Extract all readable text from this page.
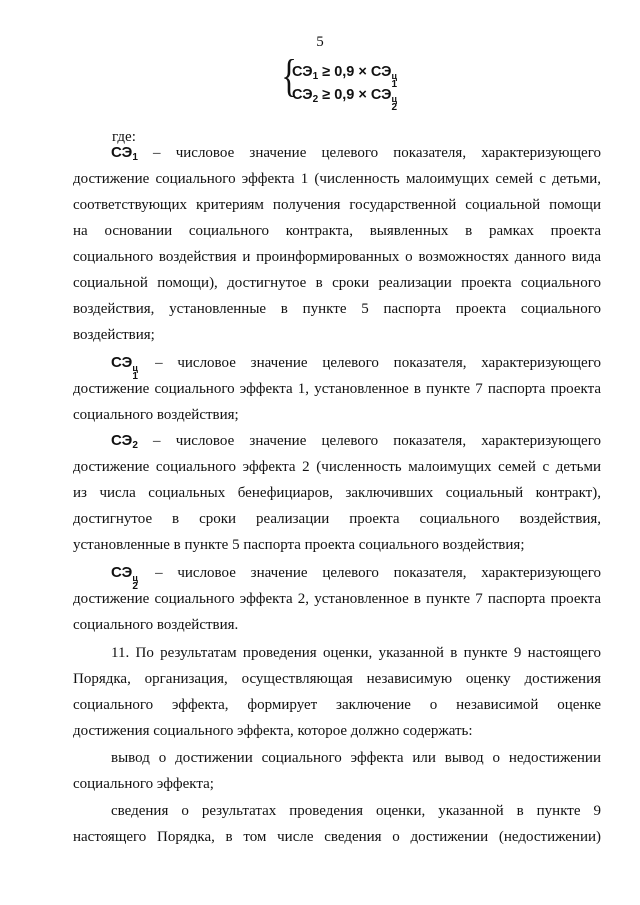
5
{
$СЭ_1 \ge 0,9$ × СЭ ц
1
$СЭ_2 \ge 0,9$ × СЭ ц
2
где:
$СЭ_1$ – числовое значение целевого показателя, характеризующего
достижение социального эффекта 1 (численность малоимущих семей с детьми,
соответствующих критериям получения государственной социальной помощи
на основании социального контракта, выявленных в рамках проекта
социального воздействия и проинформированных о возможностях данного вида
социальной помощи), достигнутое в сроки реализации проекта социального
воздействия, установленные в пункте 5 паспорта проекта социального
воздействия;
СЭ ц
1
– числовое значение целевого показателя, характеризующего
достижение социального эффекта 1, установленное в пункте 7 паспорта проекта
социального воздействия;
$СЭ_2$ – числовое значение целевого показателя, характеризующего
достижение социального эффекта 2 (численность малоимущих семей с детьми
из числа социальных бенефициаров, заключивших социальный контракт),
достигнутое в сроки реализации проекта социального воздействия,
установленные в пункте 5 паспорта проекта социального воздействия;
СЭ ц
2
– числовое значение целевого показателя, характеризующего
достижение социального эффекта 2, установленное в пункте 7 паспорта проекта
социального воздействия.
11. По результатам проведения оценки, указанной в пункте 9 настоящего
Порядка, организация, осуществляющая независимую оценку достижения
социального эффекта, формирует заключение о независимой оценке
достижения социального эффекта, которое должно содержать:
вывод о достижении социального эффекта или вывод о недостижении
социального эффекта;
сведения о результатах проведения оценки, указанной в пункте 9
настоящего Порядка, в том числе сведения о достижении (недостижении)
